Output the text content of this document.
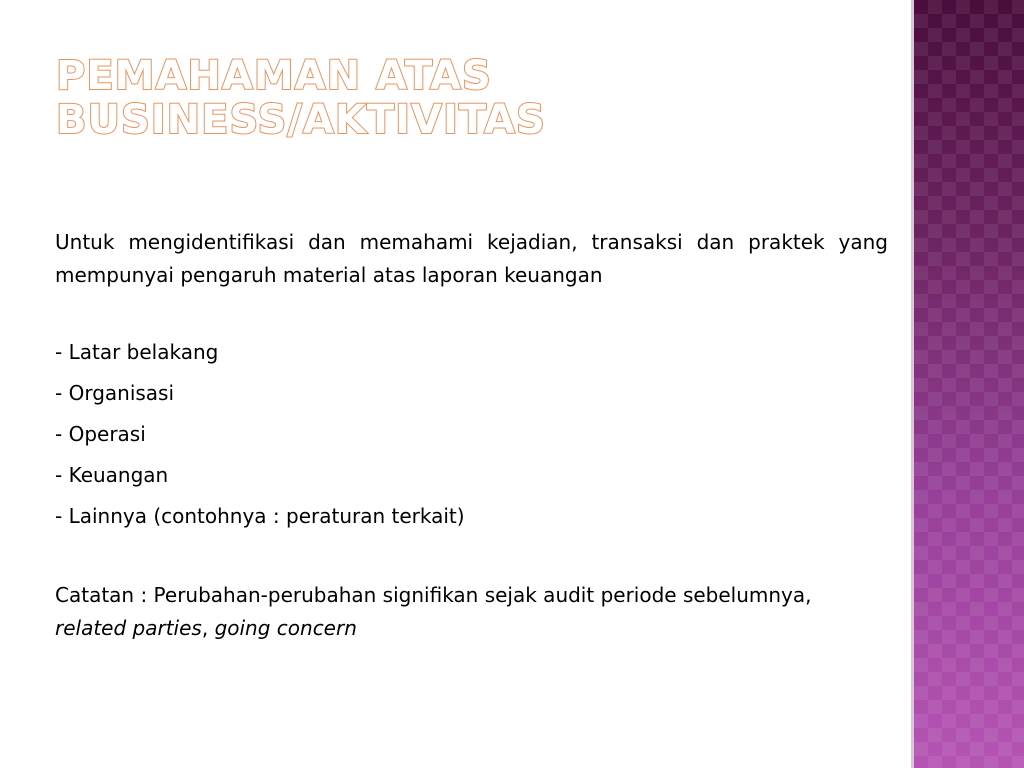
PEMAHAMAN ATAS
BUSINESS/AKTIVITAS

Untuk mengidentifikasi dan memahami kejadian, transaksi dan praktek yang mempunyai pengaruh material atas laporan keuangan

- Latar belakang
- Organisasi
- Operasi
- Keuangan
- Lainnya (contohnya : peraturan terkait)

Catatan : Perubahan-perubahan signifikan sejak audit periode sebelumnya, related parties, going concern
